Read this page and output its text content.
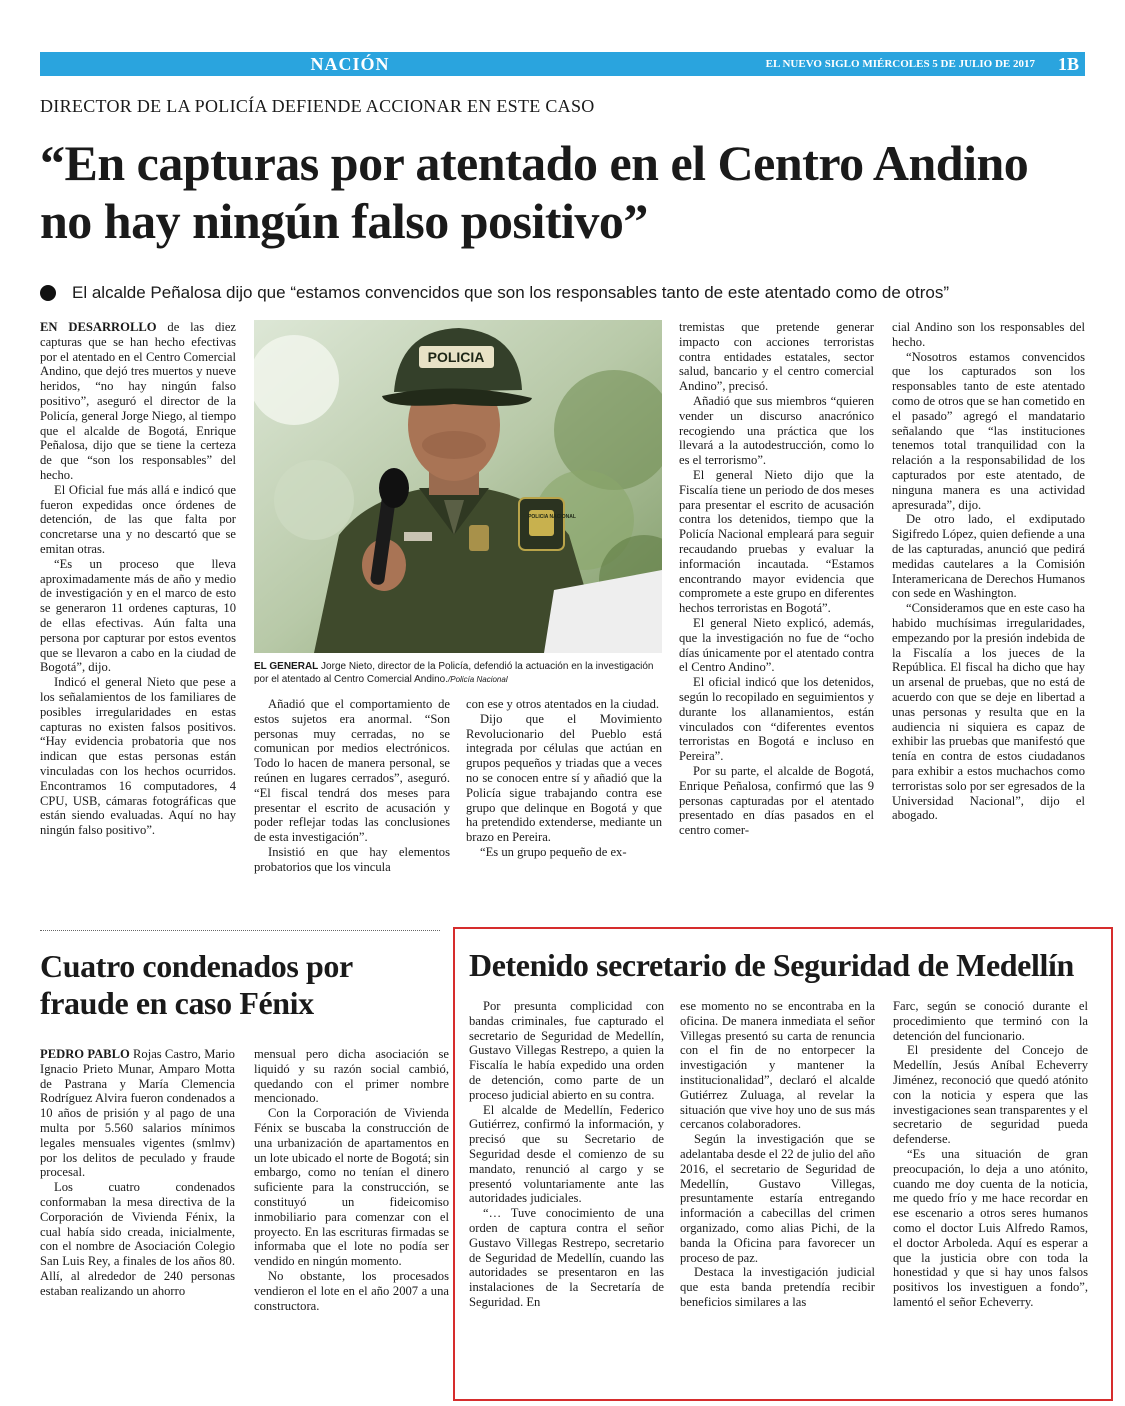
NACIÓN	EL NUEVO SIGLO MIÉRCOLES 5 DE JULIO DE 2017 1B
DIRECTOR DE LA POLICÍA DEFIENDE ACCIONAR EN ESTE CASO
“En capturas por atentado en el Centro Andino no hay ningún falso positivo”
El alcalde Peñalosa dijo que “estamos convencidos que son los responsables tanto de este atentado como de otros”

EN DESARROLLO de las diez capturas que se han hecho efectivas por el atentado en el Centro Comercial Andino, que dejó tres muertos y nueve heridos, “no hay ningún falso positivo”, aseguró el director de la Policía, general Jorge Niego, al tiempo que el alcalde de Bogotá, Enrique Peñalosa, dijo que se tiene la certeza de que “son los responsables” del hecho.

El Oficial fue más allá e indicó que fueron expedidas once órdenes de detención, de las que falta por concretarse una y no descartó que se emitan otras.

“Es un proceso que lleva aproximadamente más de año y medio de investigación y en el marco de esto se generaron 11 ordenes capturas, 10 de ellas efectivas. Aún falta una persona por capturar por estos eventos que se llevaron a cabo en la ciudad de Bogotá”, dijo.

Indicó el general Nieto que pese a los señalamientos de los familiares de posibles irregularidades en estas capturas no existen falsos positivos. “Hay evidencia probatoria que nos indican que estas personas están vinculadas con los hechos ocurridos. Encontramos 16 computadores, 4 CPU, USB, cámaras fotográficas que están siendo evaluadas. Aquí no hay ningún falso positivo”.

POLICIA
POLICIA NACIONAL
EL GENERAL Jorge Nieto, director de la Policía, defendió la actuación en la investigación por el atentado al Centro Comercial Andino./Policía Nacional

Añadió que el comportamiento de estos sujetos era anormal. “Son personas muy cerradas, no se comunican por medios electrónicos. Todo lo hacen de manera personal, se reúnen en lugares cerrados”, aseguró. “El fiscal tendrá dos meses para presentar el escrito de acusación y poder reflejar todas las conclusiones de esta investigación”.

Insistió en que hay elementos probatorios que los vincula

con ese y otros atentados en la ciudad.

Dijo que el Movimiento Revolucionario del Pueblo está integrada por células que actúan en grupos pequeños y triadas que a veces no se conocen entre sí y añadió que la Policía sigue trabajando contra ese grupo que delinque en Bogotá y que ha pretendido extenderse, mediante un brazo en Pereira.

“Es un grupo pequeño de ex-

tremistas que pretende generar impacto con acciones terroristas contra entidades estatales, sector salud, bancario y el centro comercial Andino”, precisó.

Añadió que sus miembros “quieren vender un discurso anacrónico recogiendo una práctica que los llevará a la autodestrucción, como lo es el terrorismo”.

El general Nieto dijo que la Fiscalía tiene un periodo de dos meses para presentar el escrito de acusación contra los detenidos, tiempo que la Policía Nacional empleará para seguir recaudando pruebas y evaluar la información incautada. “Estamos encontrando mayor evidencia que compromete a este grupo en diferentes hechos terroristas en Bogotá”.

El general Nieto explicó, además, que la investigación no fue de “ocho días únicamente por el atentado contra el Centro Andino”.

El oficial indicó que los detenidos, según lo recopilado en seguimientos y durante los allanamientos, están vinculados con “diferentes eventos terroristas en Bogotá e incluso en Pereira”.

Por su parte, el alcalde de Bogotá, Enrique Peñalosa, confirmó que las 9 personas capturadas por el atentado presentado en días pasados en el centro comer-

cial Andino son los responsables del hecho.

“Nosotros estamos convencidos que los capturados son los responsables tanto de este atentado como de otros que se han cometido en el pasado” agregó el mandatario señalando que “las instituciones tenemos total tranquilidad con la relación a la responsabilidad de los capturados por este atentado, de ninguna manera es una actividad apresurada”, dijo.

De otro lado, el exdiputado Sigifredo López, quien defiende a una de las capturadas, anunció que pedirá medidas cautelares a la Comisión Interamericana de Derechos Humanos con sede en Washington.

“Consideramos que en este caso ha habido muchísimas irregularidades, empezando por la presión indebida de la Fiscalía a los jueces de la República. El fiscal ha dicho que hay un arsenal de pruebas, que no está de acuerdo con que se deje en libertad a unas personas y resulta que en la audiencia ni siquiera es capaz de exhibir las pruebas que manifestó que tenía en contra de estos ciudadanos para exhibir a estos muchachos como terroristas solo por ser egresados de la Universidad Nacional”, dijo el abogado.

Cuatro condenados por fraude en caso Fénix

PEDRO PABLO Rojas Castro, Mario Ignacio Prieto Munar, Amparo Motta de Pastrana y María Clemencia Rodríguez Alvira fueron condenados a 10 años de prisión y al pago de una multa por 5.560 salarios mínimos legales mensuales vigentes (smlmv) por los delitos de peculado y fraude procesal.

Los cuatro condenados conformaban la mesa directiva de la Corporación de Vivienda Fénix, la cual había sido creada, inicialmente, con el nombre de Asociación Colegio San Luis Rey, a finales de los años 80. Allí, al alrededor de 240 personas estaban realizando un ahorro

mensual pero dicha asociación se liquidó y su razón social cambió, quedando con el primer nombre mencionado.

Con la Corporación de Vivienda Fénix se buscaba la construcción de una urbanización de apartamentos en un lote ubicado el norte de Bogotá; sin embargo, como no tenían el dinero suficiente para la construcción, se constituyó un fideicomiso inmobiliario para comenzar con el proyecto. En las escrituras firmadas se informaba que el lote no podía ser vendido en ningún momento.

No obstante, los procesados vendieron el lote en el año 2007 a una constructora.

Detenido secretario de Seguridad de Medellín

Por presunta complicidad con bandas criminales, fue capturado el secretario de Seguridad de Medellín, Gustavo Villegas Restrepo, a quien la Fiscalía le había expedido una orden de detención, como parte de un proceso judicial abierto en su contra.

El alcalde de Medellín, Federico Gutiérrez, confirmó la información, y precisó que su Secretario de Seguridad desde el comienzo de su mandato, renunció al cargo y se presentó voluntariamente ante las autoridades judiciales.

“… Tuve conocimiento de una orden de captura contra el señor Gustavo Villegas Restrepo, secretario de Seguridad de Medellín, cuando las autoridades se presentaron en las instalaciones de la Secretaría de Seguridad. En

ese momento no se encontraba en la oficina. De manera inmediata el señor Villegas presentó su carta de renuncia con el fin de no entorpecer la investigación y mantener la institucionalidad”, declaró el alcalde Gutiérrez Zuluaga, al revelar la situación que vive hoy uno de sus más cercanos colaboradores.

Según la investigación que se adelantaba desde el 22 de julio del año 2016, el secretario de Seguridad de Medellín, Gustavo Villegas, presuntamente estaría entregando información a cabecillas del crimen organizado, como alias Pichi, de la banda la Oficina para favorecer un proceso de paz.

Destaca la investigación judicial que esta banda pretendía recibir beneficios similares a las

Farc, según se conoció durante el procedimiento que terminó con la detención del funcionario.

El presidente del Concejo de Medellín, Jesús Aníbal Echeverry Jiménez, reconoció que quedó atónito con la noticia y espera que las investigaciones sean transparentes y el secretario de seguridad pueda defenderse.

“Es una situación de gran preocupación, lo deja a uno atónito, cuando me doy cuenta de la noticia, me quedo frío y me hace recordar en ese escenario a otros seres humanos como el doctor Luis Alfredo Ramos, el doctor Arboleda. Aquí es esperar a que la justicia obre con toda la honestidad y que si hay unos falsos positivos los investiguen a fondo”, lamentó el señor Echeverry.
